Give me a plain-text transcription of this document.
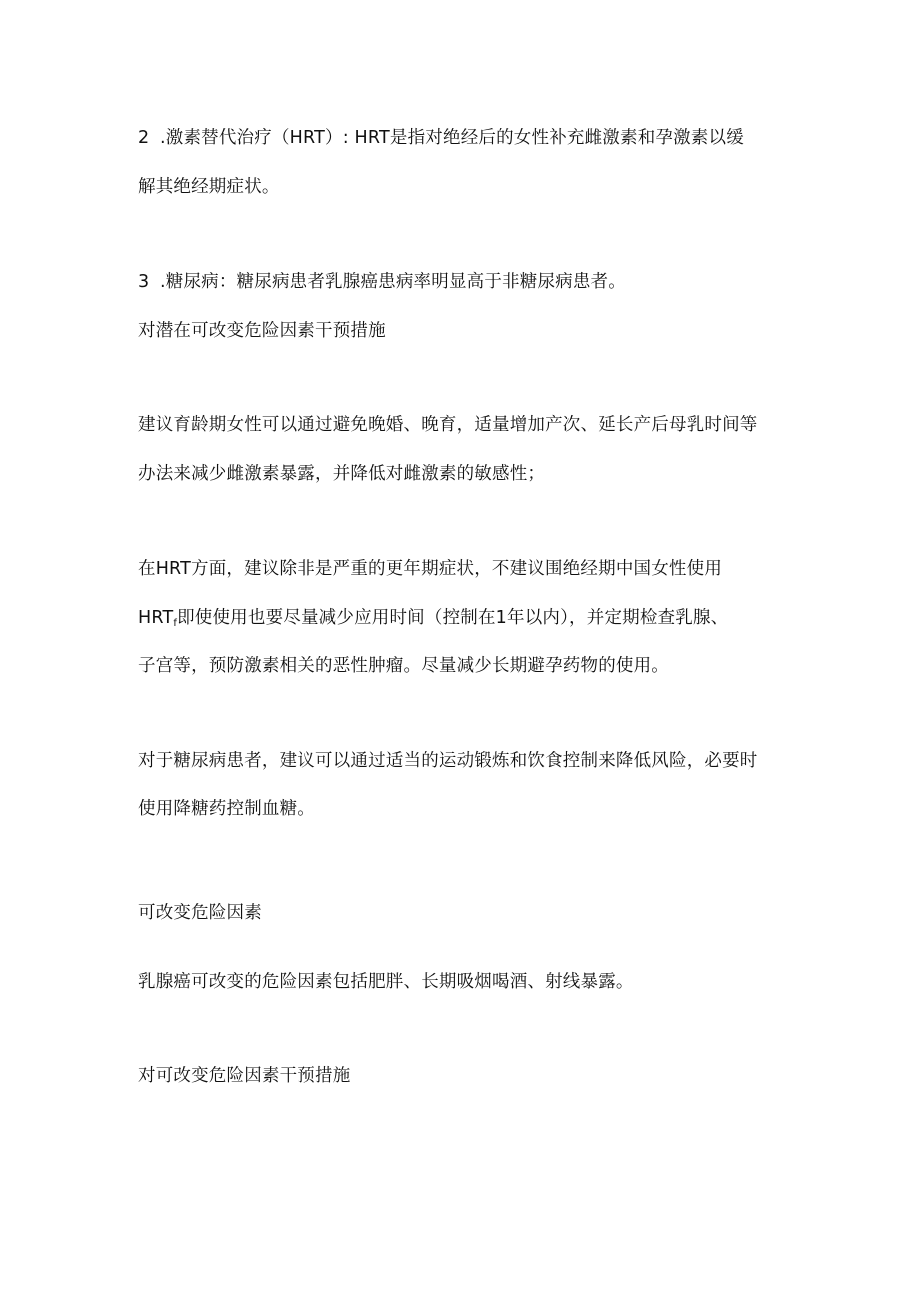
2 .激素替代治疗（HRT）: HRT是指对绝经后的女性补充雌激素和孕激素以缓
解其绝经期症状。
3 .糖尿病：糖尿病患者乳腺癌患病率明显高于非糖尿病患者。
对潜在可改变危险因素干预措施
建议育龄期女性可以通过避免晚婚、晚育，适量增加产次、延长产后母乳时间等
办法来减少雌激素暴露，并降低对雌激素的敏感性；
在HRT方面，建议除非是严重的更年期症状，不建议围绝经期中国女性使用
$HRT_f$即使使用也要尽量减少应用时间（控制在1年以内），并定期检查乳腺、
子宫等，预防激素相关的恶性肿瘤。尽量减少长期避孕药物的使用。
对于糖尿病患者，建议可以通过适当的运动锻炼和饮食控制来降低风险，必要时
使用降糖药控制血糖。
可改变危险因素
乳腺癌可改变的危险因素包括肥胖、长期吸烟喝酒、射线暴露。
对可改变危险因素干预措施
